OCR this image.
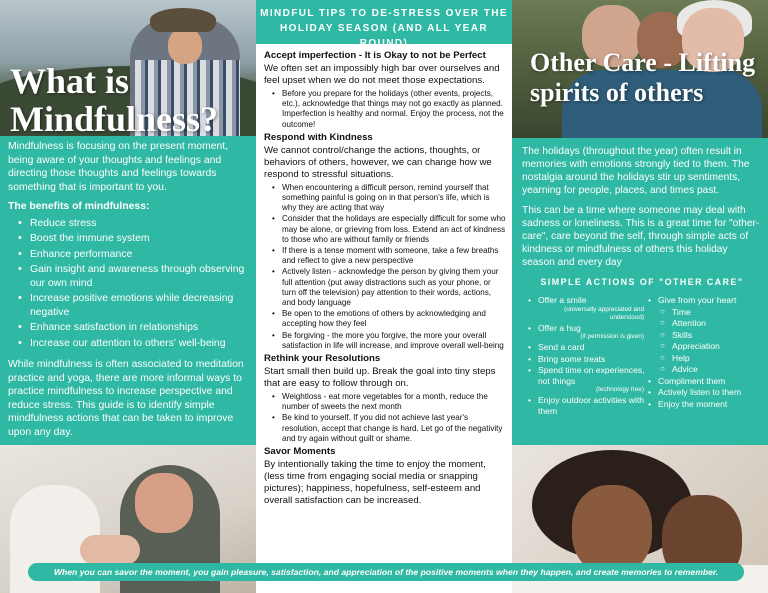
What is Mindfulness?

Mindfulness is focusing on the present moment, being aware of your thoughts and feelings and directing those thoughts and feelings towards something that is important to you.

The benefits of mindfulness:
• Reduce stress
• Boost the immune system
• Enhance performance
• Gain insight and awareness through observing our own mind
• Increase positive emotions while decreasing negative
• Enhance satisfaction in relationships
• Increase our attention to others' well-being

While mindfulness is often associated to meditation practice and yoga, there are more informal ways to practice mindfulness to increase perspective and reduce stress. This guide is to identify simple mindfulness actions that can be taken to improve upon any day.

MINDFUL TIPS TO DE-STRESS OVER THE HOLIDAY SEASON (AND ALL YEAR ROUND)
Accept imperfection - It is Okay to not be Perfect

We often set an impossibly high bar over ourselves and feel upset when we do not meet those expectations.

• Before you prepare for the holidays (other events, projects, etc.), acknowledge that things may not go exactly as planned. Imperfection is healthy and normal. Enjoy the process, not the outcome!
Respond with Kindness

We cannot control/change the actions, thoughts, or behaviors of others, however, we can change how we respond to stressful situations.

• When encountering a difficult person, remind yourself that something painful is going on in that person's life, which is why they are acting that way
• Consider that the holidays are especially difficult for some who may be alone, or grieving from loss. Extend an act of kindness to those who are without family or friends
• If there is a tense moment with someone, take a few breaths and reflect to give a new perspective
• Actively listen - acknowledge the person by giving them your full attention (put away distractions such as your phone, or turn off the television) pay attention to their words, actions, and body language
• Be open to the emotions of others by acknowledging and accepting how they feel
• Be forgiving - the more you forgive, the more your overall satisfaction in life will increase, and improve overall well-being
Rethink your Resolutions

Start small then build up. Break the goal into tiny steps that are easy to follow through on.

• Weightloss - eat more vegetables for a month, reduce the number of sweets the next month
• Be kind to yourself. If you did not achieve last year's resolution, accept that change is hard. Let go of the negativity and try again without guilt or shame.
Savor Moments

By intentionally taking the time to enjoy the moment, (less time from engaging social media or snapping pictures); happiness, hopefulness, self-esteem and overall satisfaction can be increased.

Other Care - Lifting spirits of others

The holidays (throughout the year) often result in memories with emotions strongly tied to them. The nostalgia around the holidays stir up sentiments, yearning for people, places, and times past.

This can be a time where someone may deal with sadness or loneliness. This is a great time for "other-care", care beyond the self, through simple acts of kindness or mindfulness of others this holiday season and every day

SIMPLE ACTIONS OF "OTHER CARE"
• Offer a smile
(universally appreciated and understood)
• Offer a hug
(if permission is given)
• Send a card
• Bring some treats
• Spend time on experiences, not things
(technology free)
• Enjoy outdoor activities with them
• Give from your heart
○ Time
○ Attention
○ Skills
○ Appreciation
○ Help
○ Advice
• Compliment them
• Actively listen to them
• Enjoy the moment
When you can savor the moment, you gain pleasure, satisfaction, and appreciation of the positive moments when they happen, and create memories to remember.
